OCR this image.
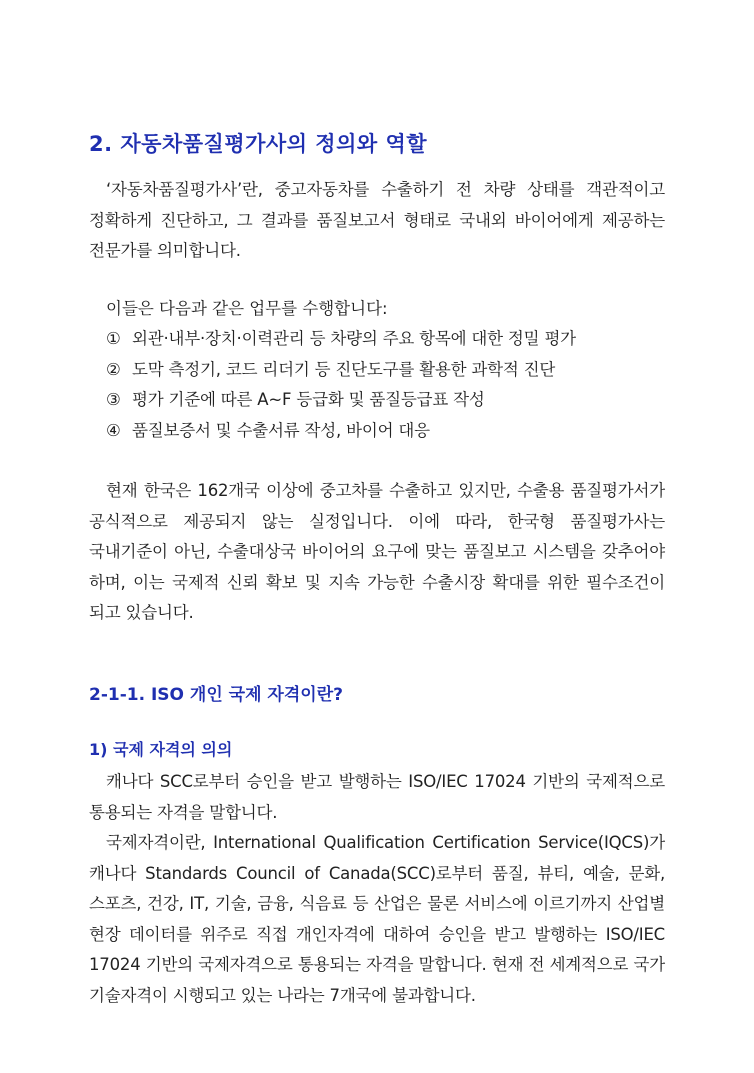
2. 자동차품질평가사의 정의와 역할

‘자동차품질평가사’란, 중고자동차를 수출하기 전 차량 상태를 객관적이고 정확하게 진단하고, 그 결과를 품질보고서 형태로 국내외 바이어에게 제공하는 전문가를 의미합니다.

이들은 다음과 같은 업무를 수행합니다:

① 외관·내부·장치·이력관리 등 차량의 주요 항목에 대한 정밀 평가
② 도막 측정기, 코드 리더기 등 진단도구를 활용한 과학적 진단
③ 평가 기준에 따른 A~F 등급화 및 품질등급표 작성
④ 품질보증서 및 수출서류 작성, 바이어 대응

현재 한국은 162개국 이상에 중고차를 수출하고 있지만, 수출용 품질평가서가 공식적으로 제공되지 않는 실정입니다. 이에 따라, 한국형 품질평가사는 국내기준이 아닌, 수출대상국 바이어의 요구에 맞는 품질보고 시스템을 갖추어야 하며, 이는 국제적 신뢰 확보 및 지속 가능한 수출시장 확대를 위한 필수조건이 되고 있습니다.

2-1-1. ISO 개인 국제 자격이란?
1) 국제 자격의 의의

캐나다 SCC로부터 승인을 받고 발행하는 ISO/IEC 17024 기반의 국제적으로 통용되는 자격을 말합니다.

국제자격이란, International Qualification Certification Service(IQCS)가 캐나다 Standards Council of Canada(SCC)로부터 품질, 뷰티, 예술, 문화, 스포츠, 건강, IT, 기술, 금융, 식음료 등 산업은 물론 서비스에 이르기까지 산업별 현장 데이터를 위주로 직접 개인자격에 대하여 승인을 받고 발행하는 ISO/IEC 17024 기반의 국제자격으로 통용되는 자격을 말합니다. 현재 전 세계적으로 국가 기술자격이 시행되고 있는 나라는 7개국에 불과합니다.
